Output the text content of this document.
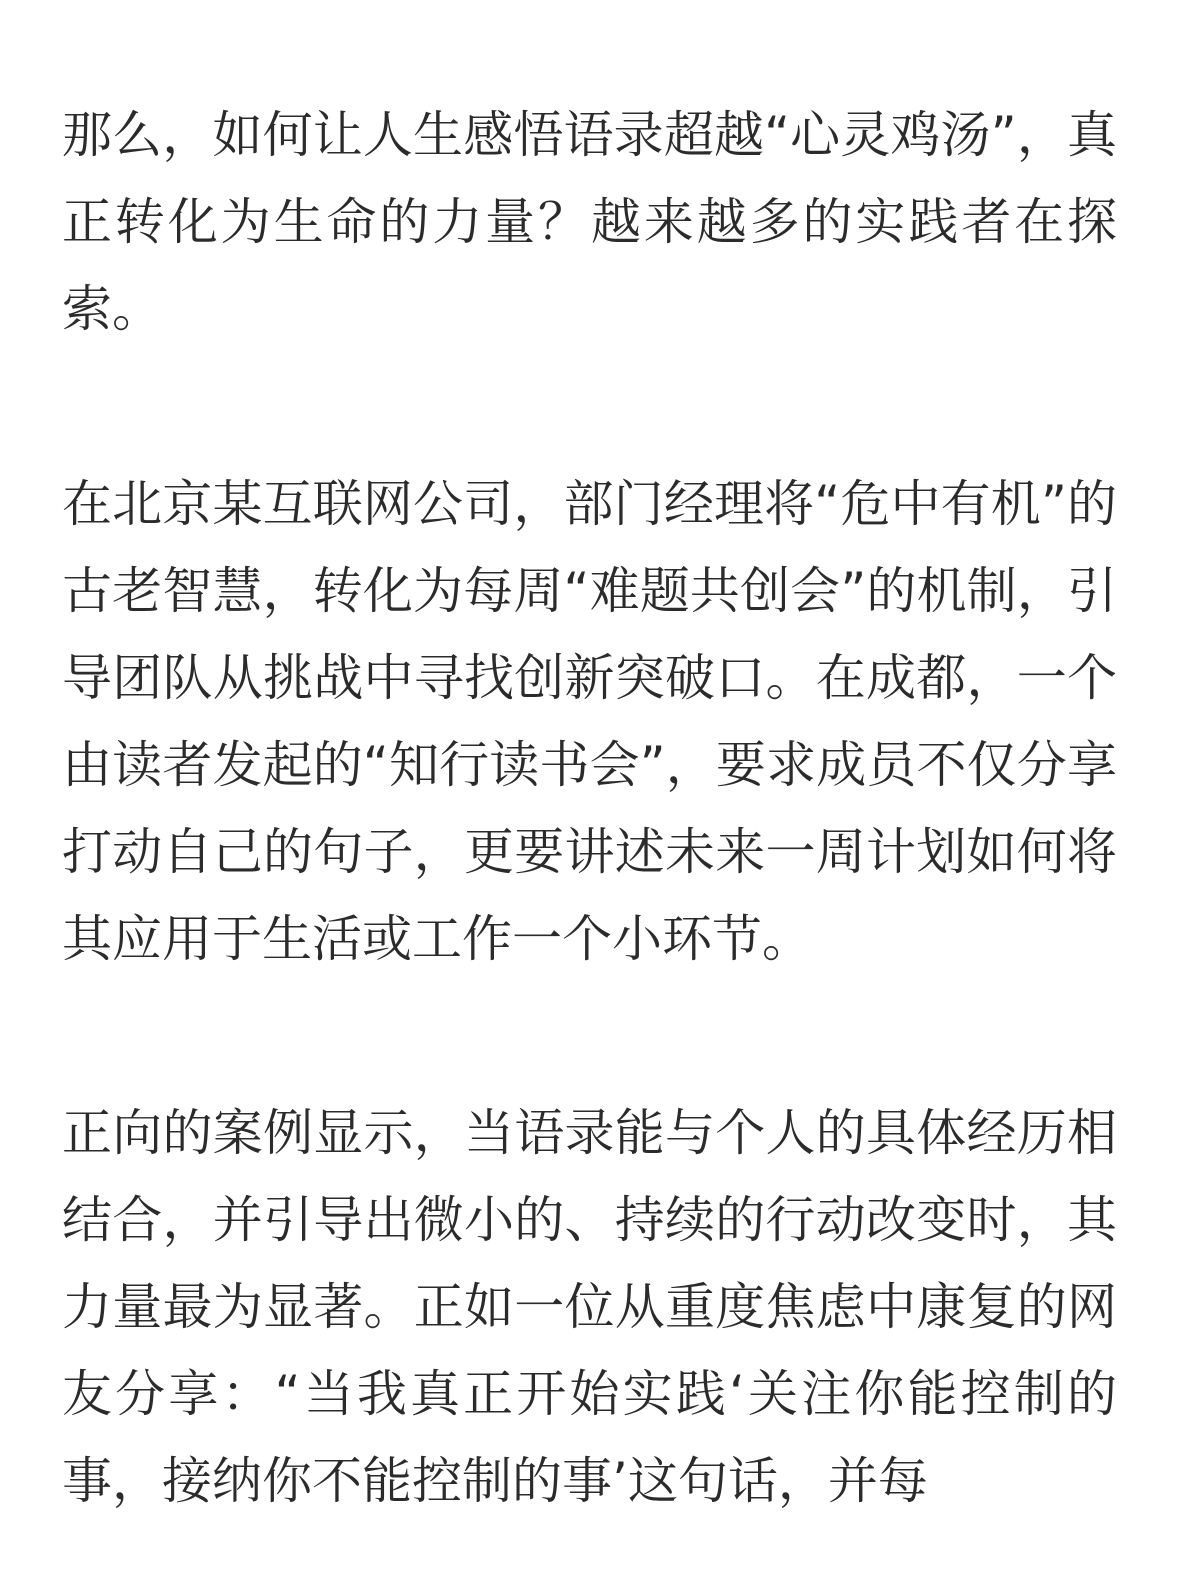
那么，如何让人生感悟语录超越“心灵鸡汤”，真正转化为生命的力量？越来越多的实践者在探索。

在北京某互联网公司，部门经理将“危中有机”的古老智慧，转化为每周“难题共创会”的机制，引导团队从挑战中寻找创新突破口。在成都，一个由读者发起的“知行读书会”，要求成员不仅分享打动自己的句子，更要讲述未来一周计划如何将其应用于生活或工作一个小环节。

正向的案例显示，当语录能与个人的具体经历相结合，并引导出微小的、持续的行动改变时，其力量最为显著。正如一位从重度焦虑中康复的网友分享：“当我真正开始实践‘关注你能控制的事，接纳你不能控制的事’这句话，并每
